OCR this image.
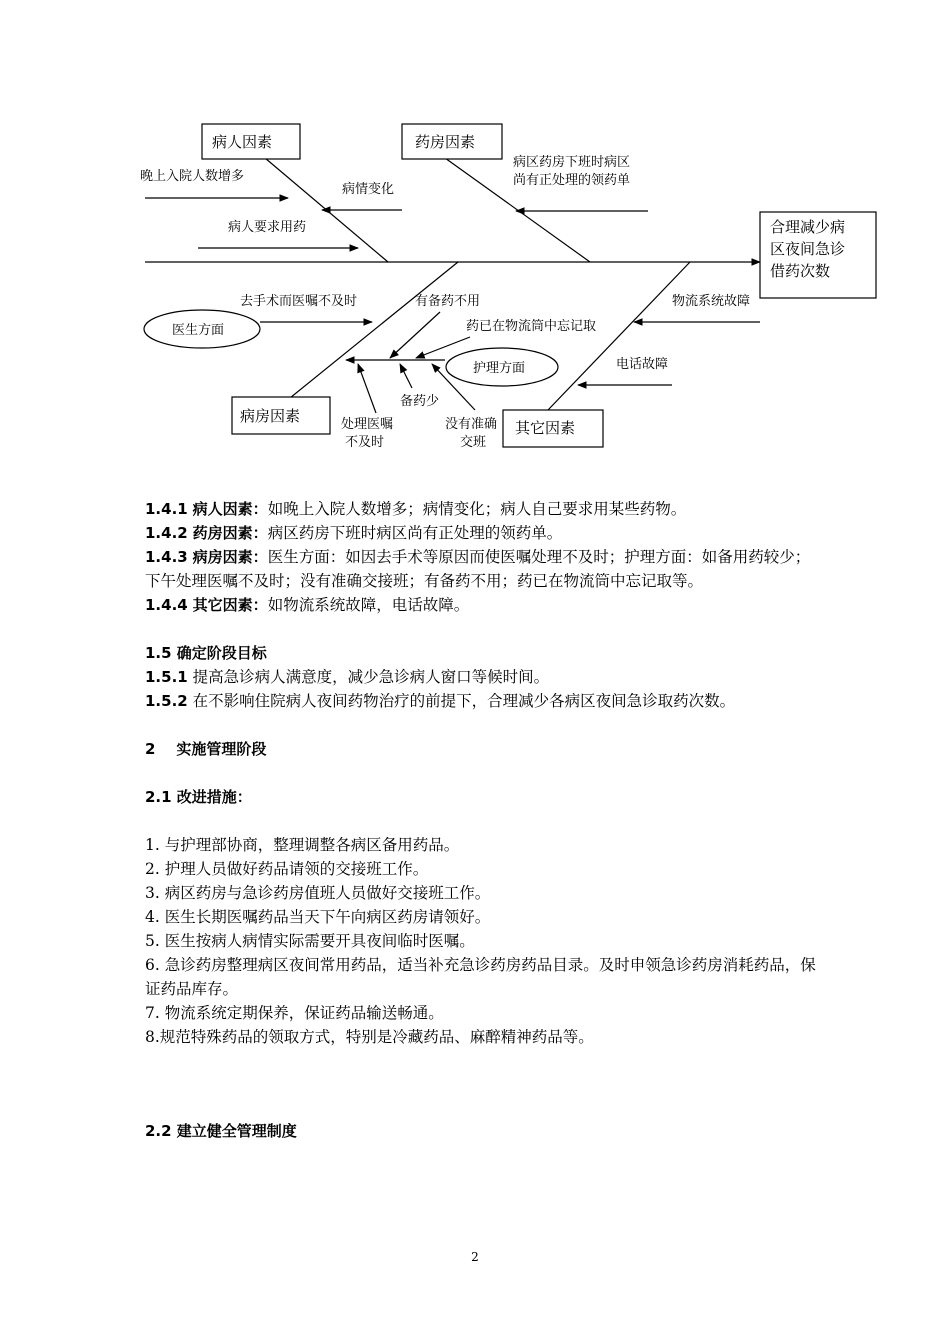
合理减少病
区夜间急诊
借药次数
病人因素	药房因素
病房因素
其它因素
晚上入院人数增多
病情变化
病人要求用药
病区药房下班时病区
尚有正处理的领药单
医生方面
去手术而医嘱不及时
护理方面
有备药不用
药已在物流筒中忘记取
备药少
处理医嘱
不及时
没有准确
交班
物流系统故障
电话故障

1.4.1 病人因素：如晚上入院人数增多；病情变化；病人自己要求用某些药物。

1.4.2 药房因素：病区药房下班时病区尚有正处理的领药单。

1.4.3 病房因素：医生方面：如因去手术等原因而使医嘱处理不及时；护理方面：如备用药较少；下午处理医嘱不及时；没有准确交接班；有备药不用；药已在物流筒中忘记取等。

1.4.4 其它因素：如物流系统故障，电话故障。

1.5 确定阶段目标

1.5.1 提高急诊病人满意度，减少急诊病人窗口等候时间。

1.5.2 在不影响住院病人夜间药物治疗的前提下，合理减少各病区夜间急诊取药次数。

2    实施管理阶段

2.1 改进措施：

1. 与护理部协商，整理调整各病区备用药品。

2. 护理人员做好药品请领的交接班工作。

3. 病区药房与急诊药房值班人员做好交接班工作。

4. 医生长期医嘱药品当天下午向病区药房请领好。

5. 医生按病人病情实际需要开具夜间临时医嘱。

6. 急诊药房整理病区夜间常用药品，适当补充急诊药房药品目录。及时申领急诊药房消耗药品，保证药品库存。

7. 物流系统定期保养，保证药品输送畅通。

8.规范特殊药品的领取方式，特别是冷藏药品、麻醉精神药品等。

2.2 建立健全管理制度

2
